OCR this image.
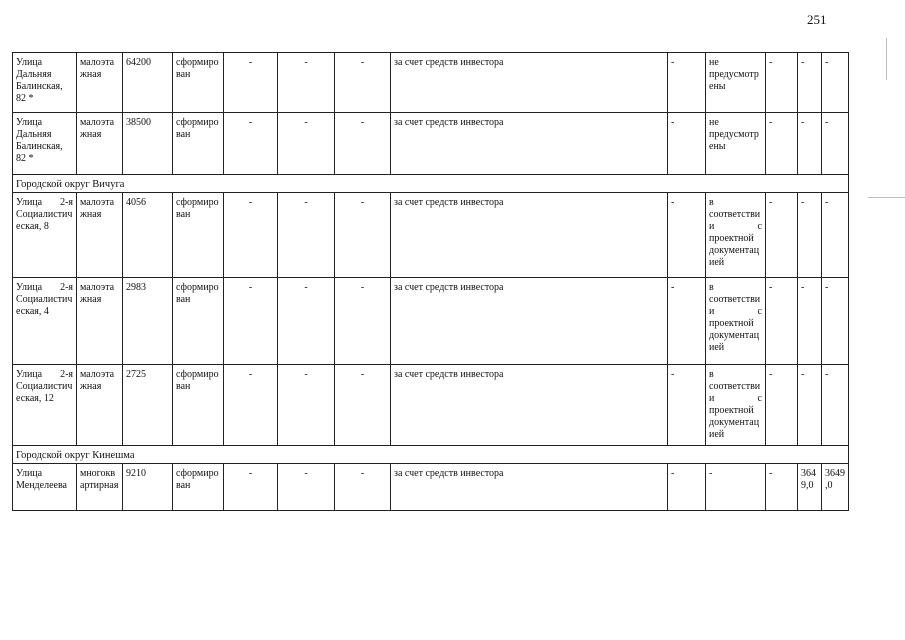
251
Улица Дальняя Балинская, 82 *	малоэтажная	64200	сформирован	-	-	-	за счет средств инвестора	-	не предусмотрены	-	-	-
Улица Дальняя Балинская, 82 *	малоэтажная	38500	сформирован	-	-	-	за счет средств инвестора	-	не предусмотрены	-	-	-
Городской округ Вичуга												
Улица 2-я Социалистическая, 8	малоэтажная	4056	сформирован	-	-	-	за счет средств инвестора	-	в соответствии с проектной документацией	-	-	-
Улица 2-я Социалистическая, 4	малоэтажная	2983	сформирован	-	-	-	за счет средств инвестора	-	в соответствии с проектной документацией	-	-	-
Улица 2-я Социалистическая, 12	малоэтажная	2725	сформирован	-	-	-	за счет средств инвестора	-	в соответствии с проектной документацией	-	-	-
Городской округ Кинешма												
Улица Менделеева	многоквартирная	9210	сформирован	-	-	-	за счет средств инвестора	-	-	-	3649,0	3649,0
